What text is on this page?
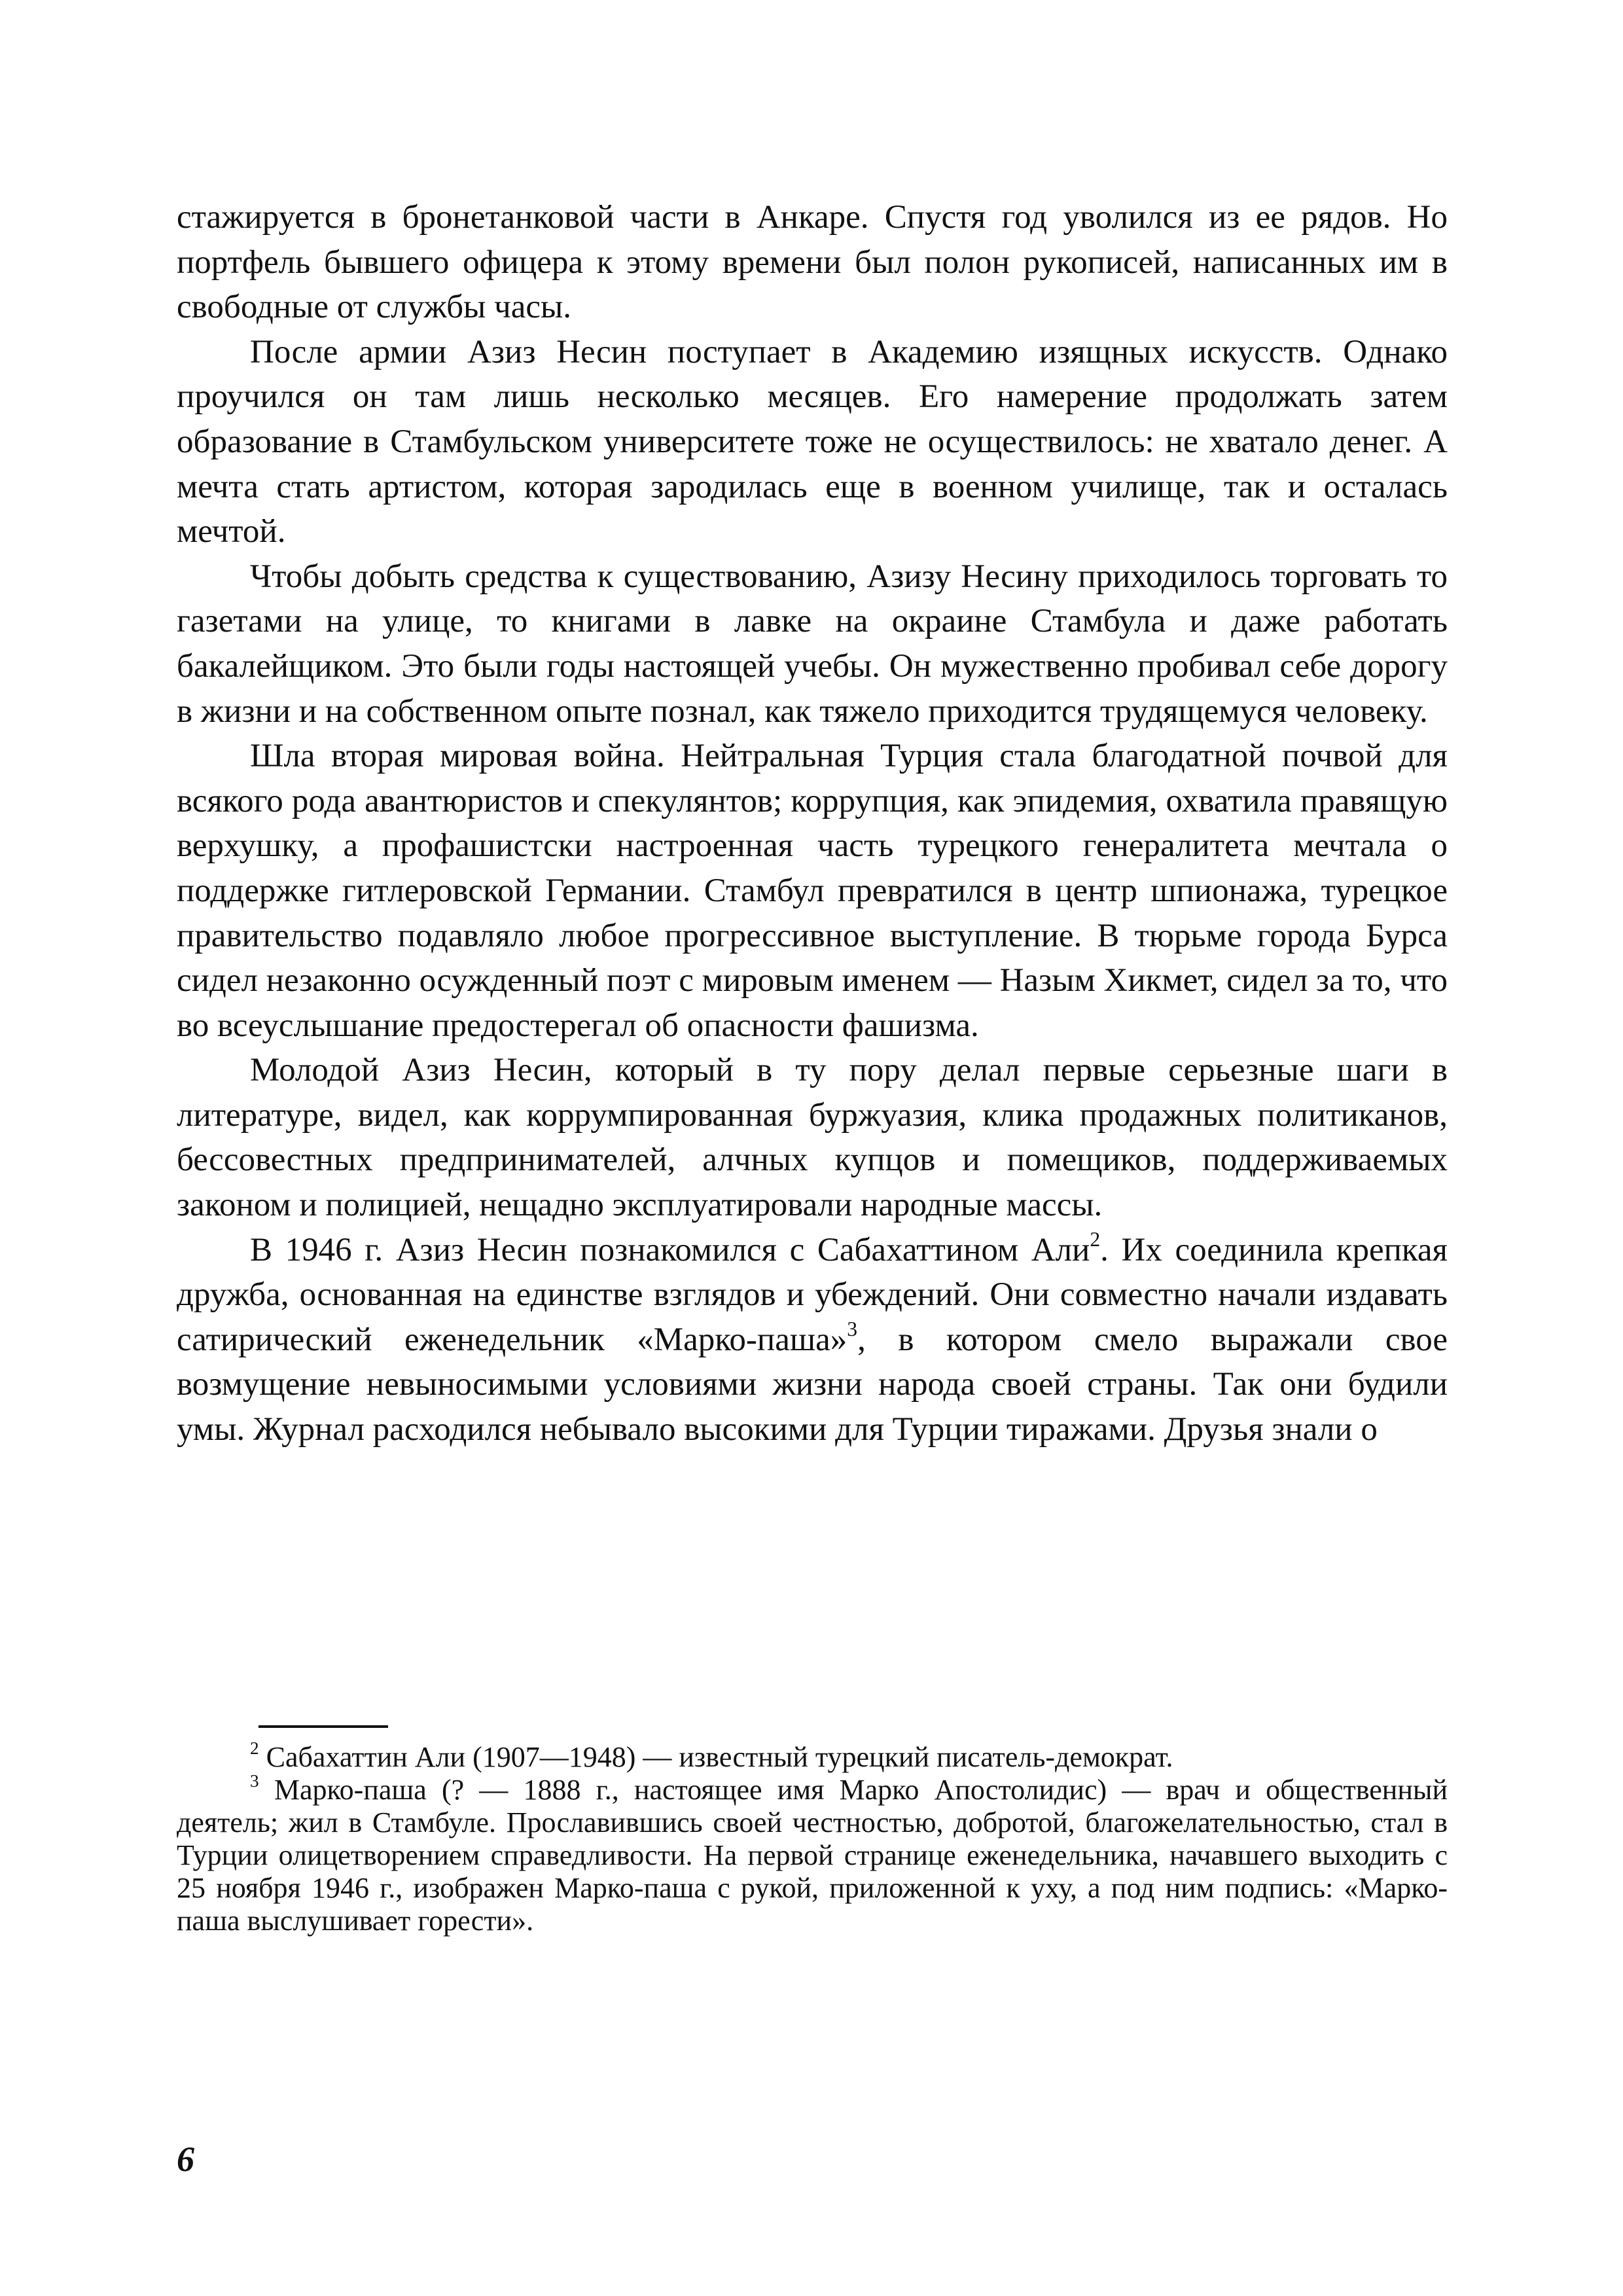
стажируется в бронетанковой части в Анкаре. Спустя год уволился из ее рядов. Но портфель бывшего офицера к этому времени был полон рукописей, написанных им в свободные от службы часы.

После армии Азиз Несин поступает в Академию изящных искусств. Однако проучился он там лишь несколько месяцев. Его намерение продолжать затем образование в Стамбульском университете тоже не осуществилось: не хватало денег. А мечта стать артистом, которая зародилась еще в военном училище, так и осталась мечтой.

Чтобы добыть средства к существованию, Азизу Несину приходилось торговать то газетами на улице, то книгами в лавке на окраине Стамбула и даже работать бакалейщиком. Это были годы настоящей учебы. Он мужественно пробивал себе дорогу в жизни и на собственном опыте познал, как тяжело приходится трудящемуся человеку.

Шла вторая мировая война. Нейтральная Турция стала благодатной почвой для всякого рода авантюристов и спекулянтов; коррупция, как эпидемия, охватила правящую верхушку, а профашистски настроенная часть турецкого генералитета мечтала о поддержке гитлеровской Германии. Стамбул превратился в центр шпионажа, турецкое правительство подавляло любое прогрессивное выступление. В тюрьме города Бурса сидел незаконно осужденный поэт с мировым именем — Назым Хикмет, сидел за то, что во всеуслышание предостерегал об опасности фашизма.

Молодой Азиз Несин, который в ту пору делал первые серьезные шаги в литературе, видел, как коррумпированная буржуазия, клика продажных политиканов, бессовестных предпринимателей, алчных купцов и помещиков, поддерживаемых законом и полицией, нещадно эксплуатировали народные массы.

В 1946 г. Азиз Несин познакомился с Сабахаттином Али$^2$. Их соединила крепкая дружба, основанная на единстве взглядов и убеждений. Они совместно начали издавать сатирический еженедельник «Марко-паша»$^3$, в котором смело выражали свое возмущение невыносимыми условиями жизни народа своей страны. Так они будили умы. Журнал расходился небывало высокими для Турции тиражами. Друзья знали о

$^2$ Сабахаттин Али (1907—1948) — известный турецкий писатель-демократ.

$^3$ Марко-паша (? — 1888 г., настоящее имя Марко Апостолидис) — врач и общественный деятель; жил в Стамбуле. Прославившись своей честностью, добротой, благожелательностью, стал в Турции олицетворением справедливости. На первой странице еженедельника, начавшего выходить с 25 ноября 1946 г., изображен Марко-паша с рукой, приложенной к уху, а под ним подпись: «Марко-паша выслушивает горести».

6
